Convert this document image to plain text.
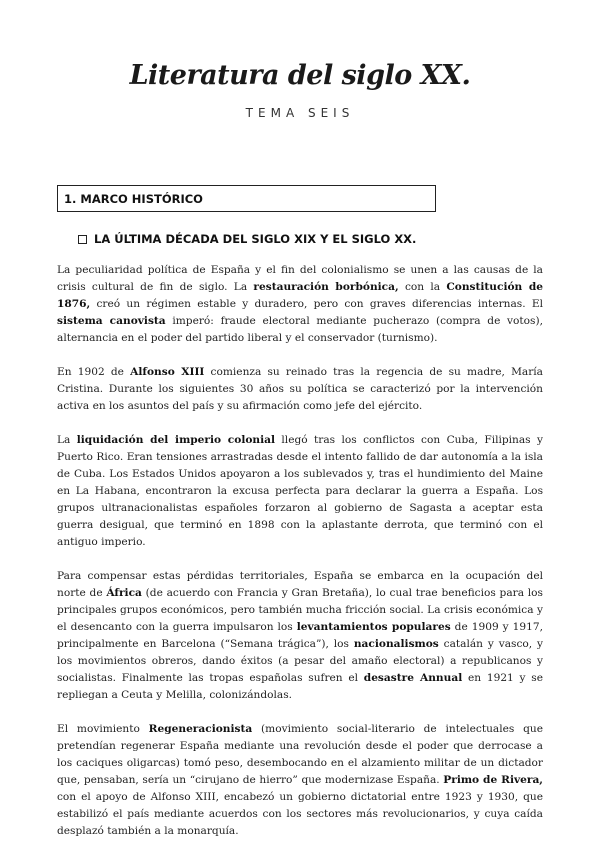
Literatura del siglo XX.
TEMA SEIS
1. MARCO HISTÓRICO
LA ÚLTIMA DÉCADA DEL SIGLO XIX Y EL SIGLO XX.

La peculiaridad política de España y el fin del colonialismo se unen a las causas de la crisis cultural de fin de siglo. La restauración borbónica, con la Constitución de 1876, creó un régimen estable y duradero, pero con graves diferencias internas. El sistema canovista imperó: fraude electoral mediante pucherazo (compra de votos), alternancia en el poder del partido liberal y el conservador (turnismo).

En 1902 de Alfonso XIII comienza su reinado tras la regencia de su madre, María Cristina. Durante los siguientes 30 años su política se caracterizó por la intervención activa en los asuntos del país y su afirmación como jefe del ejército.

La liquidación del imperio colonial llegó tras los conflictos con Cuba, Filipinas y Puerto Rico. Eran tensiones arrastradas desde el intento fallido de dar autonomía a la isla de Cuba. Los Estados Unidos apoyaron a los sublevados y, tras el hundimiento del Maine en La Habana, encontraron la excusa perfecta para declarar la guerra a España. Los grupos ultranacionalistas españoles forzaron al gobierno de Sagasta a aceptar esta guerra desigual, que terminó en 1898 con la aplastante derrota, que terminó con el antiguo imperio.

Para compensar estas pérdidas territoriales, España se embarca en la ocupación del norte de África (de acuerdo con Francia y Gran Bretaña), lo cual trae beneficios para los principales grupos económicos, pero también mucha fricción social. La crisis económica y el desencanto con la guerra impulsaron los levantamientos populares de 1909 y 1917, principalmente en Barcelona (“Semana trágica”), los nacionalismos catalán y vasco, y los movimientos obreros, dando éxitos (a pesar del amaño electoral) a republicanos y socialistas. Finalmente las tropas españolas sufren el desastre Annual en 1921 y se repliegan a Ceuta y Melilla, colonizándolas.

El movimiento Regeneracionista (movimiento social-literario de intelectuales que pretendían regenerar España mediante una revolución desde el poder que derrocase a los caciques oligarcas) tomó peso, desembocando en el alzamiento militar de un dictador que, pensaban, sería un “cirujano de hierro” que modernizase España. Primo de Rivera, con el apoyo de Alfonso XIII, encabezó un gobierno dictatorial entre 1923 y 1930, que estabilizó el país mediante acuerdos con los sectores más revolucionarios, y cuya caída desplazó también a la monarquía.
